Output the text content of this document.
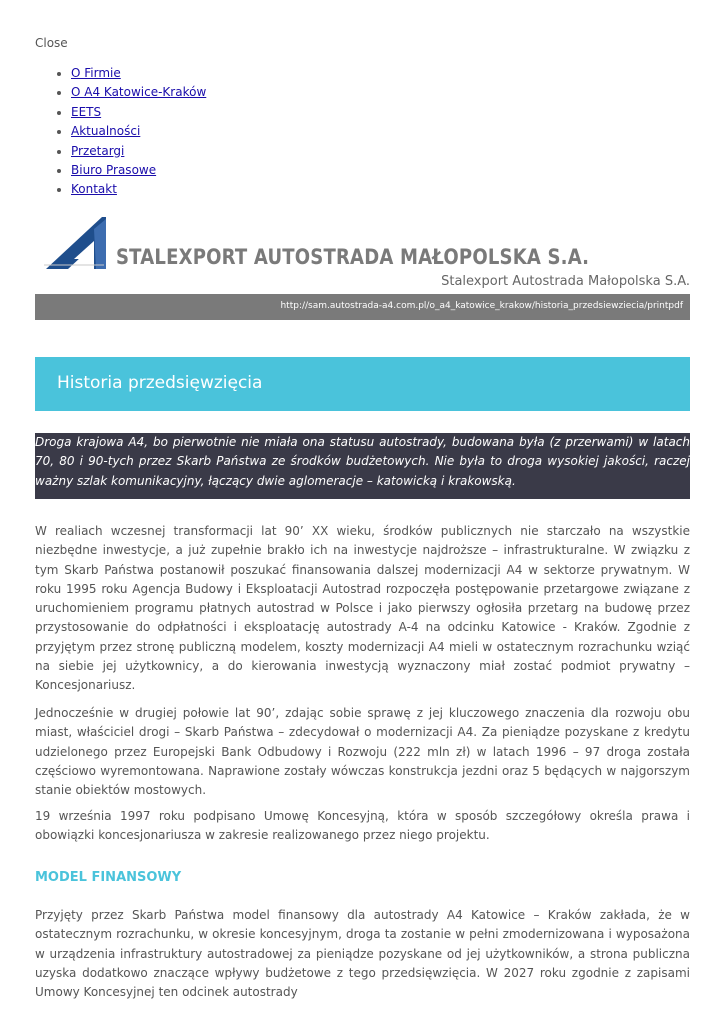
Close
• O Firmie
• O A4 Katowice-Kraków
• EETS
• Aktualności
• Przetargi
• Biuro Prasowe
• Kontakt
STALEXPORT AUTOSTRADA MAŁOPOLSKA S.A.
Stalexport Autostrada Małopolska S.A.
http://sam.autostrada-a4.com.pl/o_a4_katowice_krakow/historia_przedsiewziecia/printpdf
Historia przedsięwzięcia
Droga krajowa A4, bo pierwotnie nie miała ona statusu autostrady, budowana była (z przerwami) w latach 70, 80 i 90-tych przez Skarb Państwa ze środków budżetowych. Nie była to droga wysokiej jakości, raczej ważny szlak komunikacyjny, łączący dwie aglomeracje – katowicką i krakowską.

W realiach wczesnej transformacji lat 90’ XX wieku, środków publicznych nie starczało na wszystkie niezbędne inwestycje, a już zupełnie brakło ich na inwestycje najdroższe – infrastrukturalne. W związku z tym Skarb Państwa postanowił poszukać finansowania dalszej modernizacji A4 w sektorze prywatnym. W roku 1995 roku Agencja Budowy i Eksploatacji Autostrad rozpoczęła postępowanie przetargowe związane z uruchomieniem programu płatnych autostrad w Polsce i jako pierwszy ogłosiła przetarg na budowę przez przystosowanie do odpłatności i eksploatację autostrady A-4 na odcinku Katowice - Kraków. Zgodnie z przyjętym przez stronę publiczną modelem, koszty modernizacji A4 mieli w ostatecznym rozrachunku wziąć na siebie jej użytkownicy, a do kierowania inwestycją wyznaczony miał zostać podmiot prywatny – Koncesjonariusz.

Jednocześnie w drugiej połowie lat 90’, zdając sobie sprawę z jej kluczowego znaczenia dla rozwoju obu miast, właściciel drogi – Skarb Państwa – zdecydował o modernizacji A4. Za pieniądze pozyskane z kredytu udzielonego przez Europejski Bank Odbudowy i Rozwoju (222 mln zł) w latach 1996 – 97 droga została częściowo wyremontowana. Naprawione zostały wówczas konstrukcja jezdni oraz 5 będących w najgorszym stanie obiektów mostowych.

19 września 1997 roku podpisano Umowę Koncesyjną, która w sposób szczegółowy określa prawa i obowiązki koncesjonariusza w zakresie realizowanego przez niego projektu.

MODEL FINANSOWY

Przyjęty przez Skarb Państwa model finansowy dla autostrady A4 Katowice – Kraków zakłada, że w ostatecznym rozrachunku, w okresie koncesyjnym, droga ta zostanie w pełni zmodernizowana i wyposażona w urządzenia infrastruktury autostradowej za pieniądze pozyskane od jej użytkowników, a strona publiczna uzyska dodatkowo znaczące wpływy budżetowe z tego przedsięwzięcia. W 2027 roku zgodnie z zapisami Umowy Koncesyjnej ten odcinek autostrady
